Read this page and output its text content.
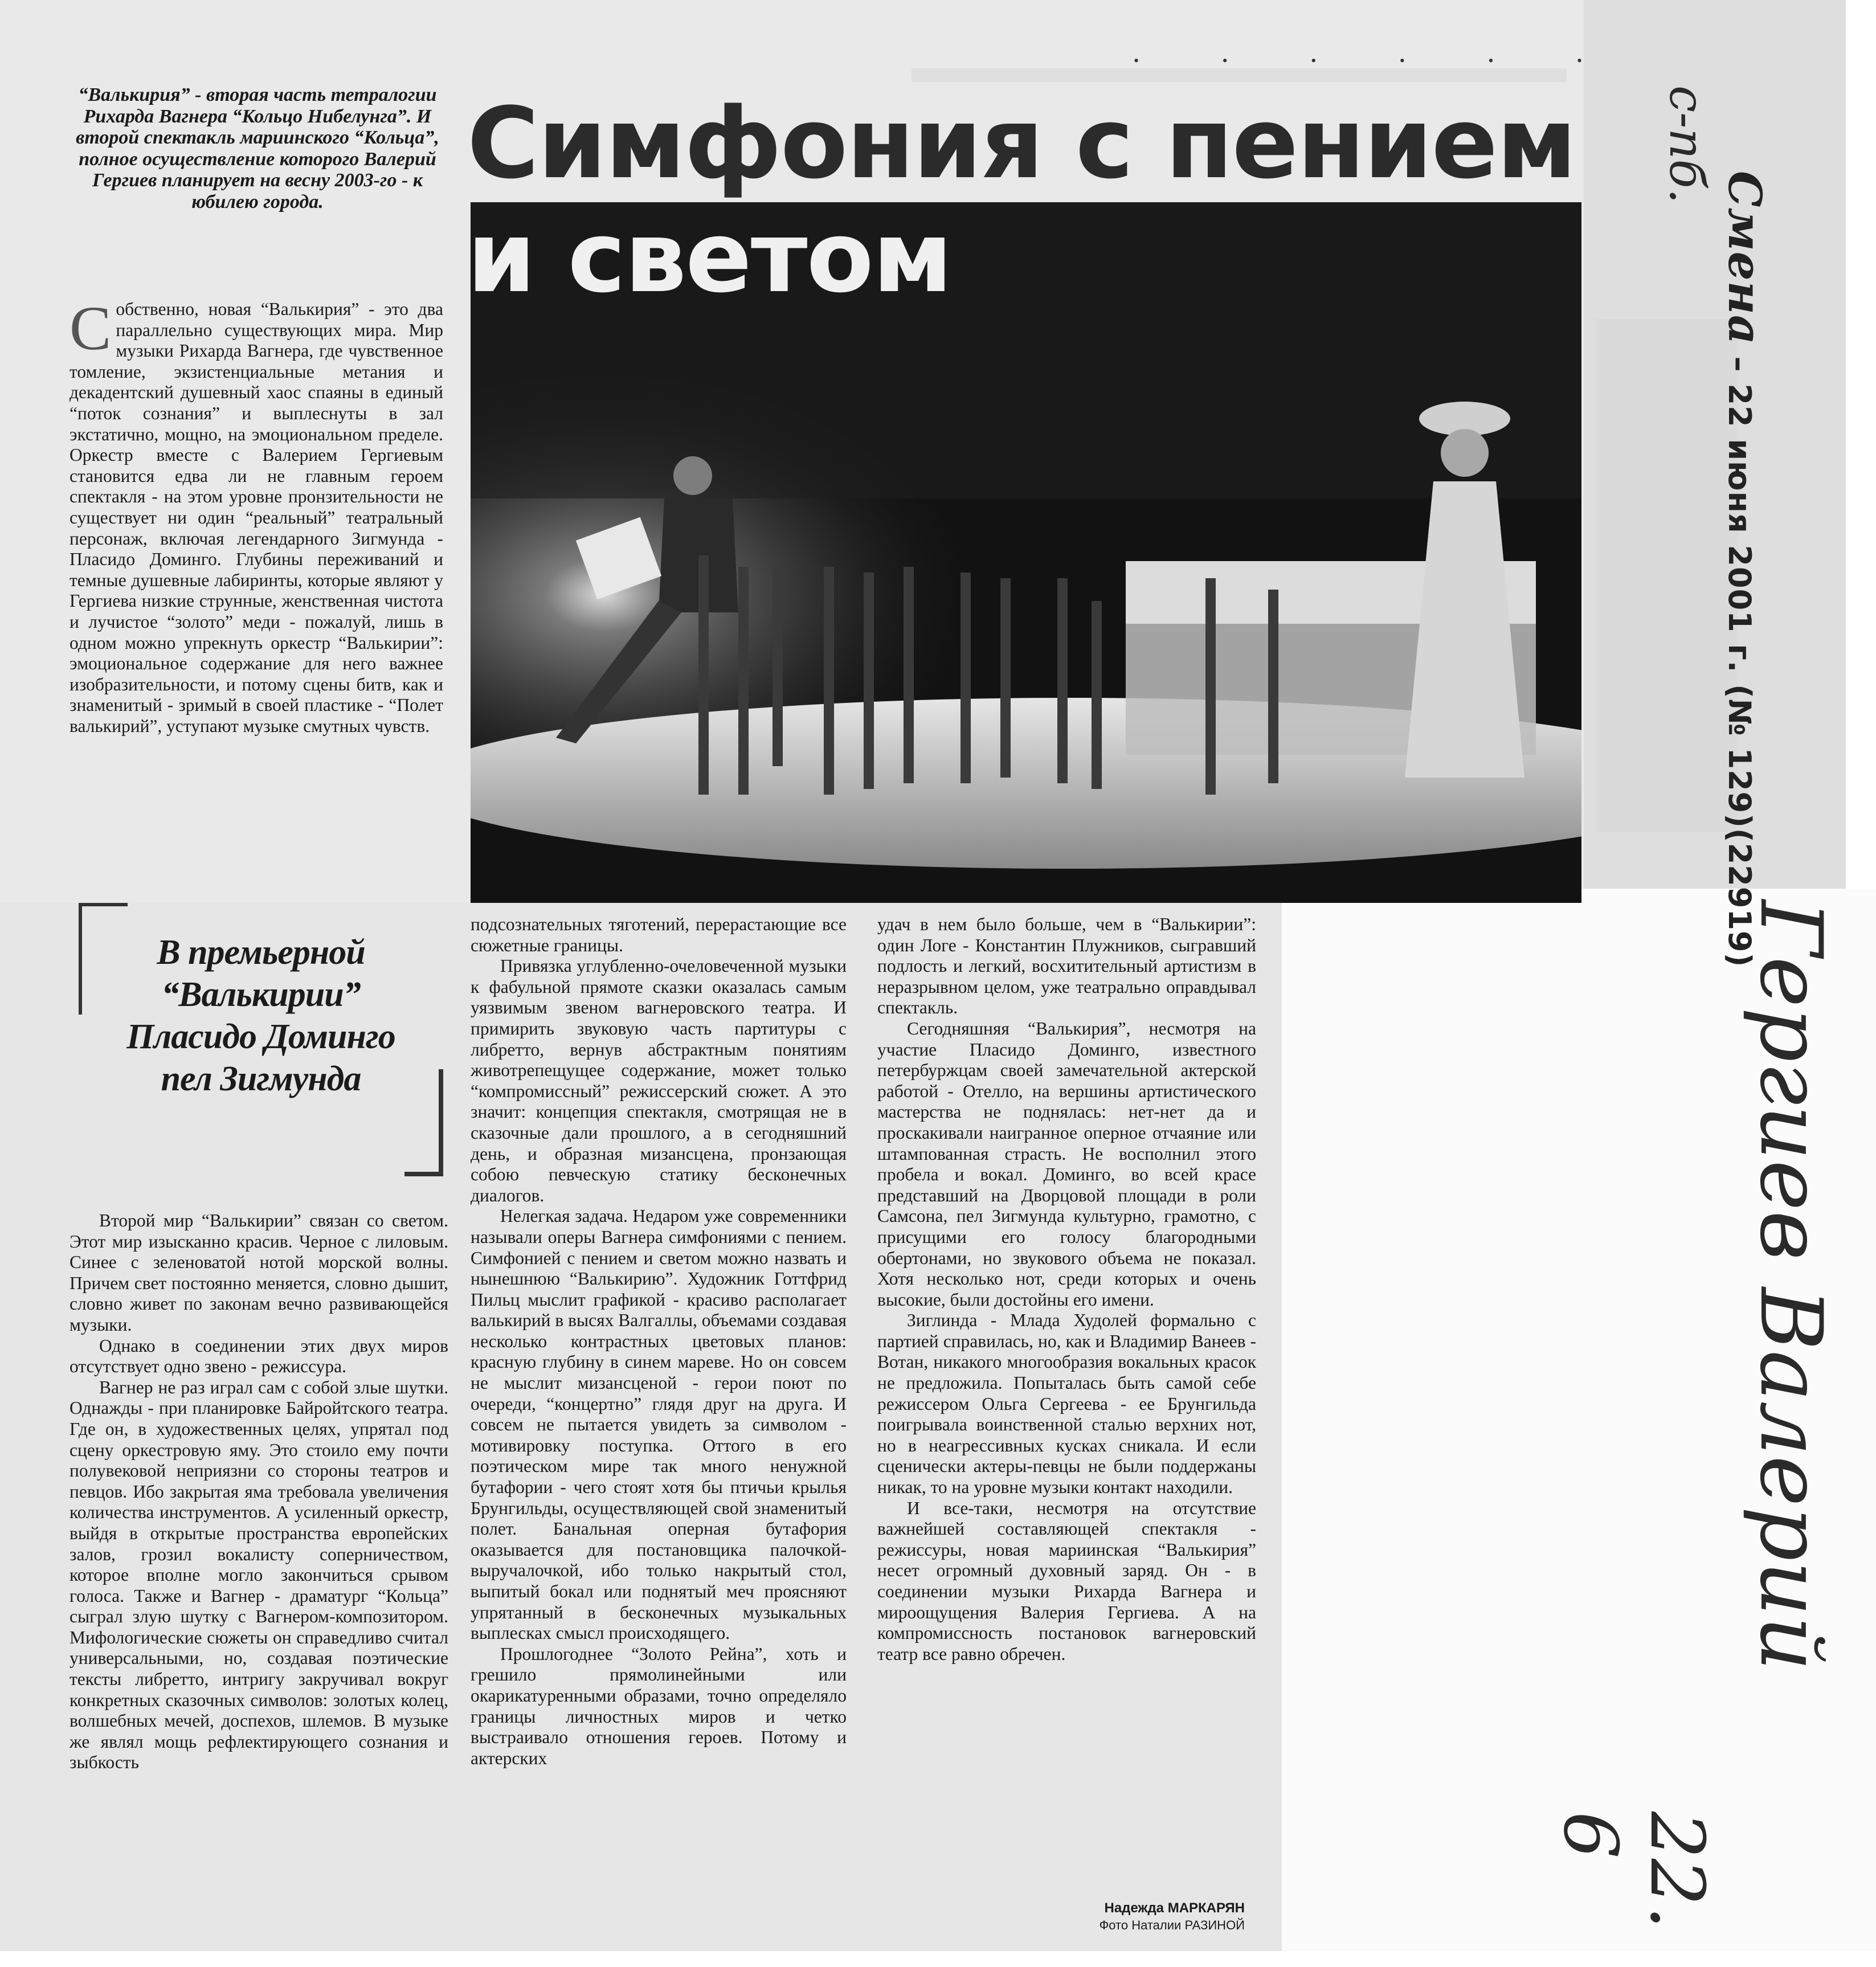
• • • • • •
Симфония с пением
и светом
“Валькирия” - вторая часть тетралогии Рихарда Вагнера “Кольцо Нибелунга”. И второй спектакль мариинского “Кольца”, полное осуществление которого Валерий Гергиев планирует на весну 2003-го - к юбилею города.
С обственно, новая “Валькирия” - это два параллельно существующих мира. Мир музыки Рихарда Вагнера, где чувственное томление, экзистенциальные метания и декадентский душевный хаос спаяны в единый “поток сознания” и выплеснуты в зал экстатично, мощно, на эмоциональном пределе. Оркестр вместе с Валерием Гергиевым становится едва ли не главным героем спектакля - на этом уровне пронзительности не существует ни один “реальный” театральный персонаж, включая легендарного Зигмунда - Пласидо Доминго. Глубины переживаний и темные душевные лабиринты, которые являют у Гергиева низкие струнные, женственная чистота и лучистое “золото” меди - пожалуй, лишь в одном можно упрекнуть оркестр “Валькирии”: эмоциональное содержание для него важнее изобразительности, и потому сцены битв, как и знаменитый - зримый в своей пластике - “Полет валькирий”, уступают музыке смутных чувств.
В премьерной “Валькирии” Пласидо Доминго пел Зигмунда

Второй мир “Валькирии” связан со светом. Этот мир изысканно красив. Черное с лиловым. Синее с зеленоватой нотой морской волны. Причем свет постоянно меняется, словно дышит, словно живет по законам вечно развивающейся музыки.

Однако в соединении этих двух миров отсутствует одно звено - режиссура.

Вагнер не раз играл сам с собой злые шутки. Однажды - при планировке Байройтского театра. Где он, в художественных целях, упрятал под сцену оркестровую яму. Это стоило ему почти полувековой неприязни со стороны театров и певцов. Ибо закрытая яма требовала увеличения количества инструментов. А усиленный оркестр, выйдя в открытые пространства европейских залов, грозил вокалисту соперничеством, которое вполне могло закончиться срывом голоса. Также и Вагнер - драматург “Кольца” сыграл злую шутку с Вагнером-композитором. Мифологические сюжеты он справедливо считал универсальными, но, создавая поэтические тексты либретто, интригу закручивал вокруг конкретных сказочных символов: золотых колец, волшебных мечей, доспехов, шлемов. В музыке же являл мощь рефлектирующего сознания и зыбкость

подсознательных тяготений, перерастающие все сюжетные границы.

Привязка углубленно-очеловеченной музыки к фабульной прямоте сказки оказалась самым уязвимым звеном вагнеровского театра. И примирить звуковую часть партитуры с либретто, вернув абстрактным понятиям животрепещущее содержание, может только “компромиссный” режиссерский сюжет. А это значит: концепция спектакля, смотрящая не в сказочные дали прошлого, а в сегодняшний день, и образная мизансцена, пронзающая собою певческую статику бесконечных диалогов.

Нелегкая задача. Недаром уже современники называли оперы Вагнера симфониями с пением. Симфонией с пением и светом можно назвать и нынешнюю “Валькирию”. Художник Готтфрид Пильц мыслит графикой - красиво располагает валькирий в высях Валгаллы, объемами создавая несколько контрастных цветовых планов: красную глубину в синем мареве. Но он совсем не мыслит мизансценой - герои поют по очереди, “концертно” глядя друг на друга. И совсем не пытается увидеть за символом - мотивировку поступка. Оттого в его поэтическом мире так много ненужной бутафории - чего стоят хотя бы птичьи крылья Брунгильды, осуществляющей свой знаменитый полет. Банальная оперная бутафория оказывается для постановщика палочкой-выручалочкой, ибо только накрытый стол, выпитый бокал или поднятый меч проясняют упрятанный в бесконечных музыкальных выплесках смысл происходящего.

Прошлогоднее “Золото Рейна”, хоть и грешило прямолинейными или окарикатуренными образами, точно определяло границы личностных миров и четко выстраивало отношения героев. Потому и актерских

удач в нем было больше, чем в “Валькирии”: один Логе - Константин Плужников, сыгравший подлость и легкий, восхитительный артистизм в неразрывном целом, уже театрально оправдывал спектакль.

Сегодняшняя “Валькирия”, несмотря на участие Пласидо Доминго, известного петербуржцам своей замечательной актерской работой - Отелло, на вершины артистического мастерства не поднялась: нет-нет да и проскакивали наигранное оперное отчаяние или штампованная страсть. Не восполнил этого пробела и вокал. Доминго, во всей красе представший на Дворцовой площади в роли Самсона, пел Зигмунда культурно, грамотно, с присущими его голосу благородными обертонами, но звукового объема не показал. Хотя несколько нот, среди которых и очень высокие, были достойны его имени.

Зиглинда - Млада Худолей формально с партией справилась, но, как и Владимир Ванеев - Вотан, никакого многообразия вокальных красок не предложила. Попыталась быть самой себе режиссером Ольга Сергеева - ее Брунгильда поигрывала воинственной сталью верхних нот, но в неагрессивных кусках сникала. И если сценически актеры-певцы не были поддержаны никак, то на уровне музыки контакт находили.

И все-таки, несмотря на отсутствие важнейшей составляющей спектакля - режиссуры, новая мариинская “Валькирия” несет огромный духовный заряд. Он - в соединении музыки Рихарда Вагнера и мироощущения Валерия Гергиева. А на компромиссность постановок вагнеровский театр все равно обречен.

Надежда МАРКАРЯН
Фото Наталии РАЗИНОЙ
Смена – 22 июня 2001 г. (№ 129)(22919)
с-пб.
Гергиев Валерий
22. 6
